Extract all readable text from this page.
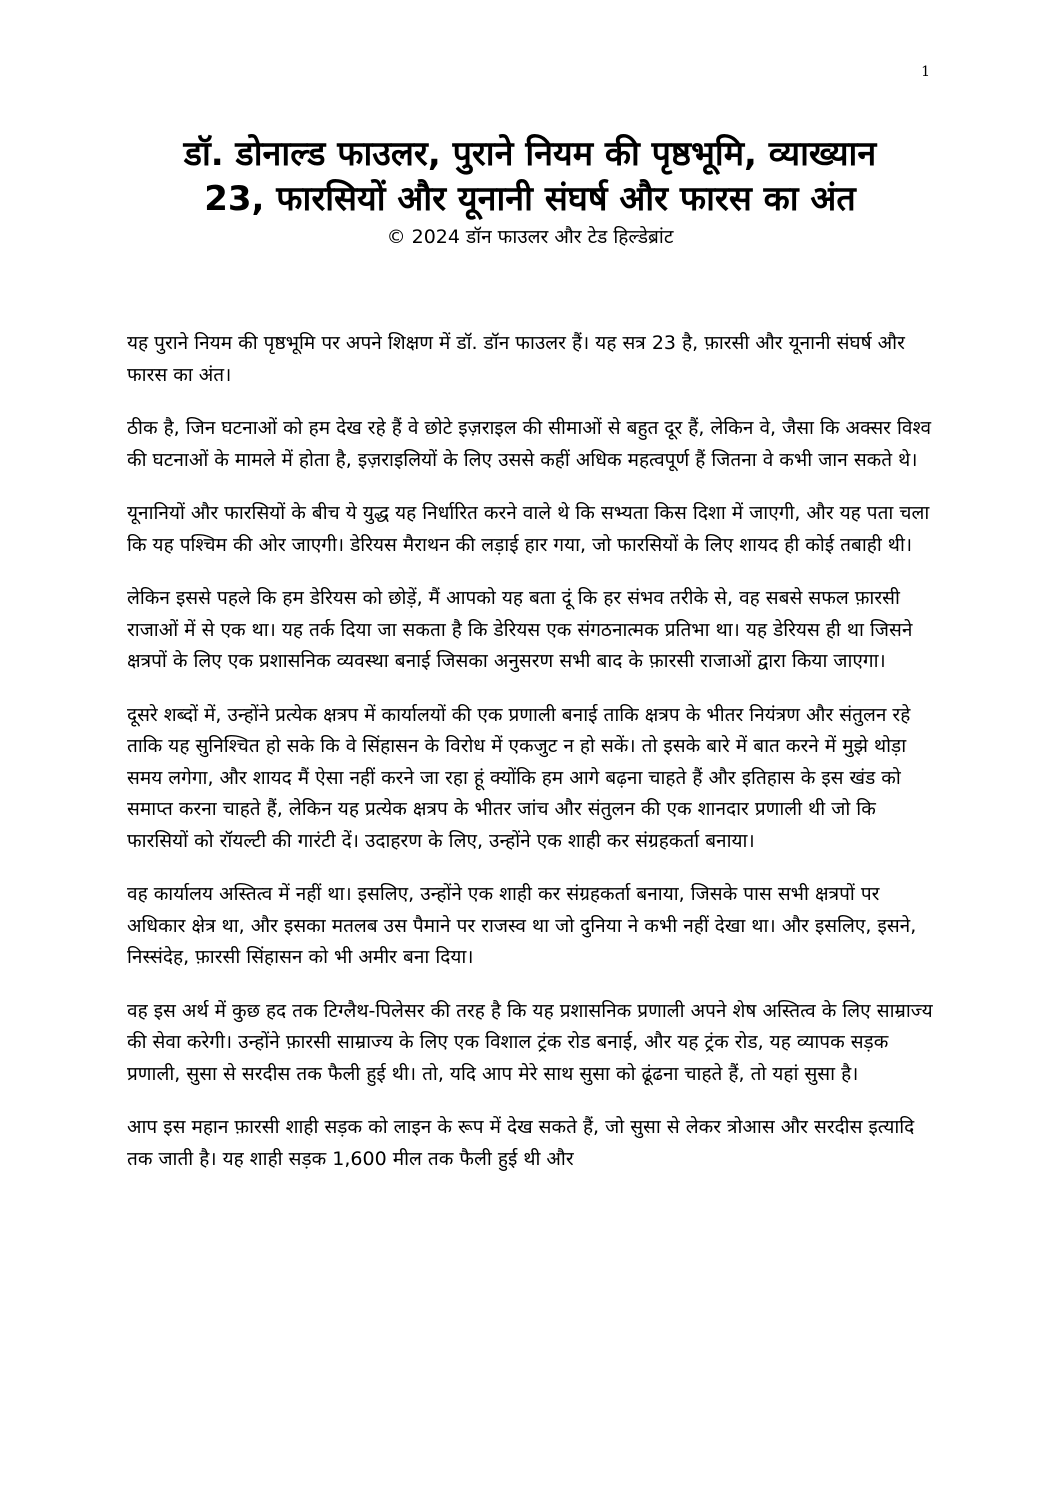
1
डॉ. डोनाल्ड फाउलर, पुराने नियम की पृष्ठभूमि, व्याख्यान 23, फारसियों और यूनानी संघर्ष और फारस का अंत

© 2024 डॉन फाउलर और टेड हिल्डेब्रांट

यह पुराने नियम की पृष्ठभूमि पर अपने शिक्षण में डॉ. डॉन फाउलर हैं। यह सत्र 23 है, फ़ारसी और यूनानी संघर्ष और फारस का अंत।

ठीक है, जिन घटनाओं को हम देख रहे हैं वे छोटे इज़राइल की सीमाओं से बहुत दूर हैं, लेकिन वे, जैसा कि अक्सर विश्व की घटनाओं के मामले में होता है, इज़राइलियों के लिए उससे कहीं अधिक महत्वपूर्ण हैं जितना वे कभी जान सकते थे।

यूनानियों और फारसियों के बीच ये युद्ध यह निर्धारित करने वाले थे कि सभ्यता किस दिशा में जाएगी, और यह पता चला कि यह पश्चिम की ओर जाएगी। डेरियस मैराथन की लड़ाई हार गया, जो फारसियों के लिए शायद ही कोई तबाही थी।

लेकिन इससे पहले कि हम डेरियस को छोड़ें, मैं आपको यह बता दूं कि हर संभव तरीके से, वह सबसे सफल फ़ारसी राजाओं में से एक था। यह तर्क दिया जा सकता है कि डेरियस एक संगठनात्मक प्रतिभा था। यह डेरियस ही था जिसने क्षत्रपों के लिए एक प्रशासनिक व्यवस्था बनाई जिसका अनुसरण सभी बाद के फ़ारसी राजाओं द्वारा किया जाएगा।

दूसरे शब्दों में, उन्होंने प्रत्येक क्षत्रप में कार्यालयों की एक प्रणाली बनाई ताकि क्षत्रप के भीतर नियंत्रण और संतुलन रहे ताकि यह सुनिश्चित हो सके कि वे सिंहासन के विरोध में एकजुट न हो सकें। तो इसके बारे में बात करने में मुझे थोड़ा समय लगेगा, और शायद मैं ऐसा नहीं करने जा रहा हूं क्योंकि हम आगे बढ़ना चाहते हैं और इतिहास के इस खंड को समाप्त करना चाहते हैं, लेकिन यह प्रत्येक क्षत्रप के भीतर जांच और संतुलन की एक शानदार प्रणाली थी जो कि फारसियों को रॉयल्टी की गारंटी दें। उदाहरण के लिए, उन्होंने एक शाही कर संग्रहकर्ता बनाया।

वह कार्यालय अस्तित्व में नहीं था। इसलिए, उन्होंने एक शाही कर संग्रहकर्ता बनाया, जिसके पास सभी क्षत्रपों पर अधिकार क्षेत्र था, और इसका मतलब उस पैमाने पर राजस्व था जो दुनिया ने कभी नहीं देखा था। और इसलिए, इसने, निस्संदेह, फ़ारसी सिंहासन को भी अमीर बना दिया।

वह इस अर्थ में कुछ हद तक टिग्लैथ-पिलेसर की तरह है कि यह प्रशासनिक प्रणाली अपने शेष अस्तित्व के लिए साम्राज्य की सेवा करेगी। उन्होंने फ़ारसी साम्राज्य के लिए एक विशाल ट्रंक रोड बनाई, और यह ट्रंक रोड, यह व्यापक सड़क प्रणाली, सुसा से सरदीस तक फैली हुई थी। तो, यदि आप मेरे साथ सुसा को ढूंढना चाहते हैं, तो यहां सुसा है।

आप इस महान फ़ारसी शाही सड़क को लाइन के रूप में देख सकते हैं, जो सुसा से लेकर त्रोआस और सरदीस इत्यादि तक जाती है। यह शाही सड़क 1,600 मील तक फैली हुई थी और
